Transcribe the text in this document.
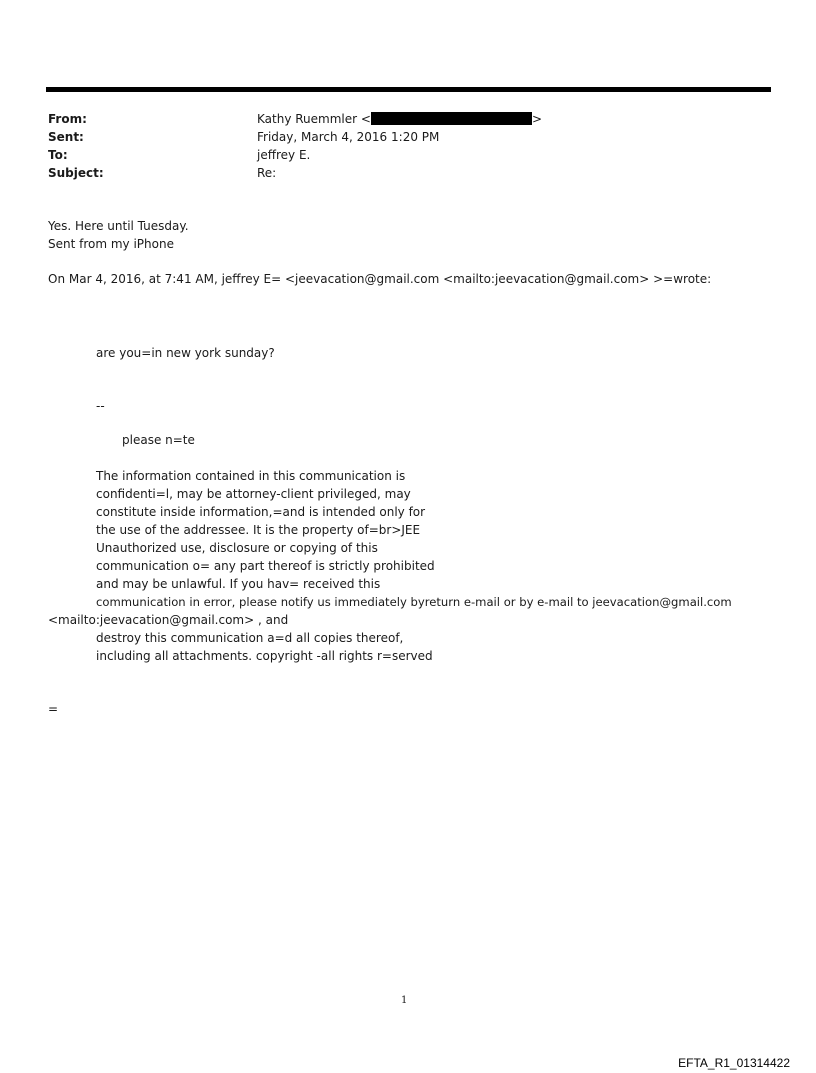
From:	Kathy Ruemmler <	>
Sent:	Friday, March 4, 2016 1:20 PM
To:	jeffrey E.
Subject:	Re:
Yes. Here until Tuesday.
Sent from my iPhone
On Mar 4, 2016, at 7:41 AM, jeffrey E= <jeevacation@gmail.com <mailto:jeevacation@gmail.com> >=wrote:
are you=in new york sunday?
--
please n=te
The information contained in this communication is
confidenti=l, may be attorney-client privileged, may
constitute inside information,=and is intended only for
the use of the addressee. It is the property of=br>JEE
Unauthorized use, disclosure or copying of this
communication o= any part thereof is strictly prohibited
and may be unlawful. If you hav= received this
communication in error, please notify us immediately byreturn e-mail or by e-mail to jeevacation@gmail.com
<mailto:jeevacation@gmail.com> , and
destroy this communication a=d all copies thereof,
including all attachments. copyright -all rights r=served
=
1
EFTA_R1_01314422
